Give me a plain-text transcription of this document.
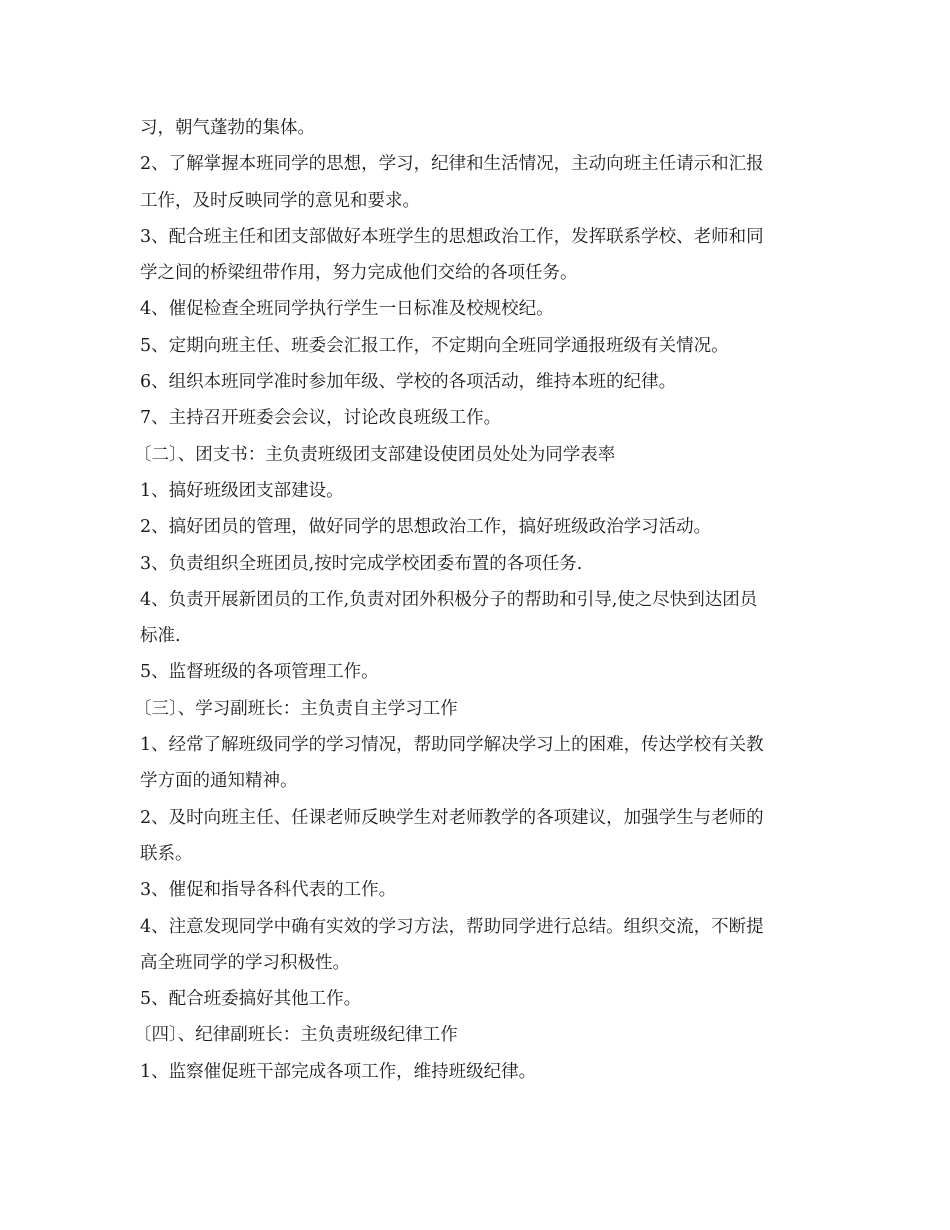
习，朝气蓬勃的集体。
2、了解掌握本班同学的思想，学习，纪律和生活情况，主动向班主任请示和汇报
工作，及时反映同学的意见和要求。
3、配合班主任和团支部做好本班学生的思想政治工作，发挥联系学校、老师和同
学之间的桥梁纽带作用，努力完成他们交给的各项任务。
4、催促检查全班同学执行学生一日标准及校规校纪。
5、定期向班主任、班委会汇报工作，不定期向全班同学通报班级有关情况。
6、组织本班同学准时参加年级、学校的各项活动，维持本班的纪律。
7、主持召开班委会会议，讨论改良班级工作。
〔二〕、团支书：主负责班级团支部建设使团员处处为同学表率
1、搞好班级团支部建设。
2、搞好团员的管理，做好同学的思想政治工作，搞好班级政治学习活动。
3、负责组织全班团员,按时完成学校团委布置的各项任务.
4、负责开展新团员的工作,负责对团外积极分子的帮助和引导,使之尽快到达团员
标准.
5、监督班级的各项管理工作。
〔三〕、学习副班长：主负责自主学习工作
1、经常了解班级同学的学习情况，帮助同学解决学习上的困难，传达学校有关教
学方面的通知精神。
2、及时向班主任、任课老师反映学生对老师教学的各项建议，加强学生与老师的
联系。
3、催促和指导各科代表的工作。
4、注意发现同学中确有实效的学习方法，帮助同学进行总结。组织交流，不断提
高全班同学的学习积极性。
5、配合班委搞好其他工作。
〔四〕、纪律副班长：主负责班级纪律工作
1、监察催促班干部完成各项工作，维持班级纪律。
